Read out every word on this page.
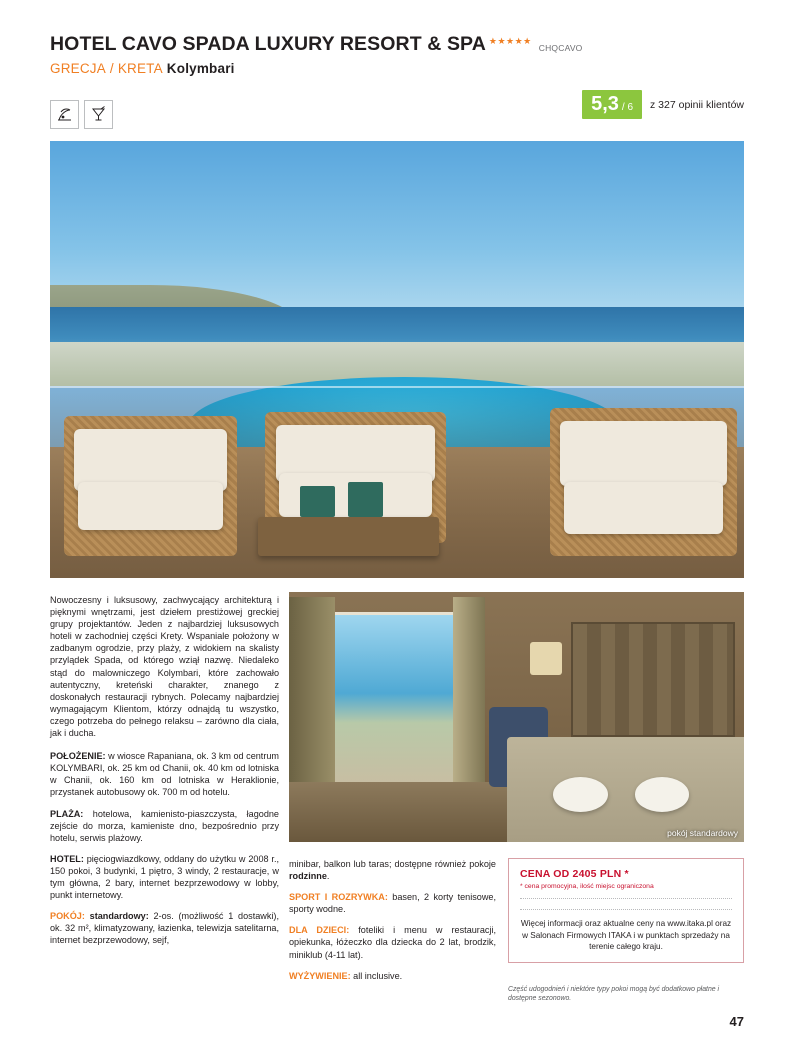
HOTEL CAVO SPADA LUXURY RESORT & SPA ★★★★★CHQCAVO
GRECJA / KRETA Kolymbari
5,3 / 6 z 327 opinii klientów

Nowoczesny i luksusowy, zachwycający architekturą i pięknymi wnętrzami, jest dziełem prestiżowej greckiej grupy projektantów. Jeden z najbardziej luksusowych hoteli w zachodniej części Krety. Wspaniale położony w zadbanym ogrodzie, przy plaży, z widokiem na skalisty przylądek Spada, od którego wziął nazwę. Niedaleko stąd do malowniczego Kolymbari, które zachowało autentyczny, kreteński charakter, znanego z doskonałych restauracji rybnych. Polecamy najbardziej wymagającym Klientom, którzy odnajdą tu wszystko, czego potrzeba do pełnego relaksu – zarówno dla ciała, jak i ducha.

POŁOŻENIE: w wiosce Rapaniana, ok. 3 km od centrum KOLYMBARI, ok. 25 km od Chanii, ok. 40 km od lotniska w Chanii, ok. 160 km od lotniska w Heraklionie, przystanek autobusowy ok. 700 m od hotelu.

PLAŻA: hotelowa, kamienisto-piaszczysta, łagodne zejście do morza, kamieniste dno, bezpośrednio przy hotelu, serwis plażowy.

HOTEL: pięciogwiazdkowy, oddany do użytku w 2008 r., 150 pokoi, 3 budynki, 1 piętro, 3 windy, 2 restauracje, w tym główna, 2 bary, internet bezprzewodowy w lobby, punkt internetowy.

POKÓJ: standardowy: 2-os. (możliwość 1 dostawki), ok. 32 m², klimatyzowany, łazienka, telewizja satelitarna, internet bezprzewodowy, sejf,

pokój standardowy

minibar, balkon lub taras; dostępne również pokoje rodzinne.

SPORT I ROZRYWKA: basen, 2 korty tenisowe, sporty wodne.

DLA DZIECI: foteliki i menu w restauracji, opiekunka, łóżeczko dla dziecka do 2 lat, brodzik, miniklub (4-11 lat).

WYŻYWIENIE: all inclusive.

CENA OD 2405 PLN *
* cena promocyjna, ilość miejsc ograniczona
Więcej informacji oraz aktualne ceny na www.itaka.pl oraz w Salonach Firmowych ITAKA i w punktach sprzedaży na terenie całego kraju.
Część udogodnień i niektóre typy pokoi mogą być dodatkowo płatne i dostępne sezonowo.
47
